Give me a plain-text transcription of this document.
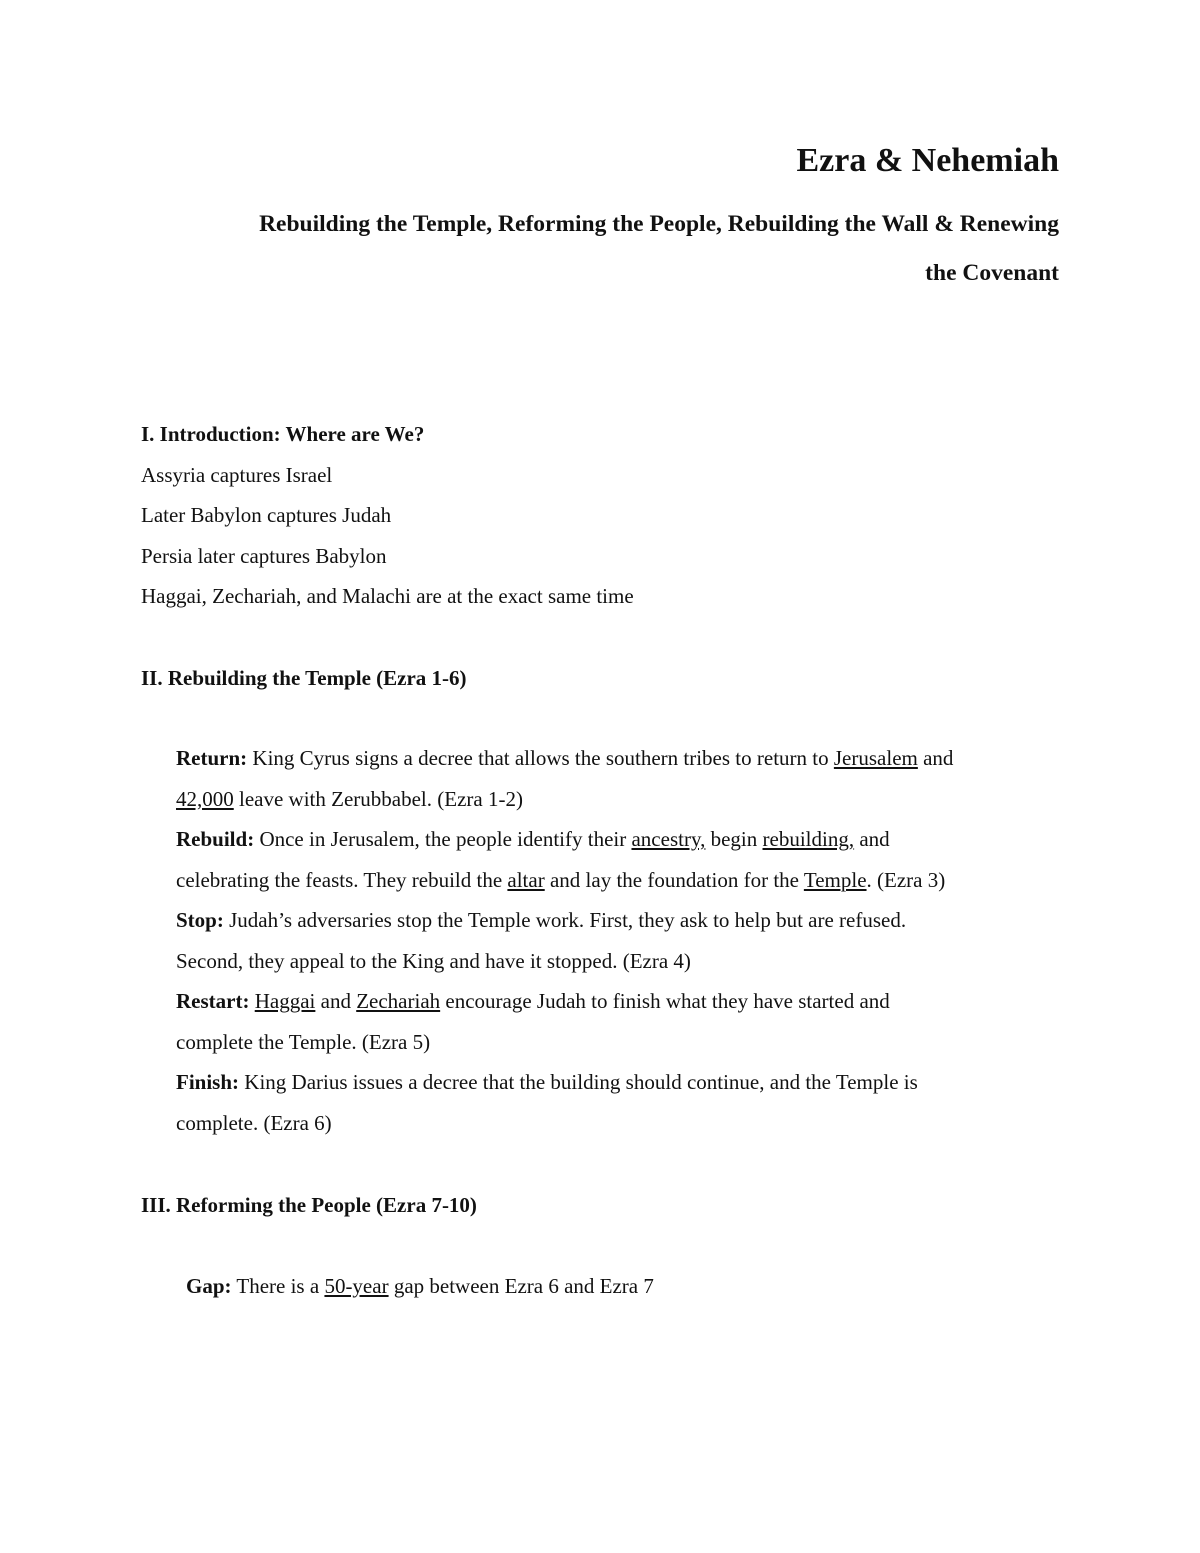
Ezra & Nehemiah
Rebuilding the Temple, Reforming the People, Rebuilding the Wall & Renewing
the Covenant

I. Introduction: Where are We?

Assyria captures Israel

Later Babylon captures Judah

Persia later captures Babylon

Haggai, Zechariah, and Malachi are at the exact same time

II. Rebuilding the Temple (Ezra 1-6)

Return: King Cyrus signs a decree that allows the southern tribes to return to Jerusalem and
42,000 leave with Zerubbabel. (Ezra 1-2)

Rebuild: Once in Jerusalem, the people identify their ancestry, begin rebuilding, and
celebrating the feasts. They rebuild the altar and lay the foundation for the Temple. (Ezra 3)

Stop: Judah’s adversaries stop the Temple work. First, they ask to help but are refused.
Second, they appeal to the King and have it stopped. (Ezra 4)

Restart: Haggai and Zechariah encourage Judah to finish what they have started and
complete the Temple. (Ezra 5)

Finish: King Darius issues a decree that the building should continue, and the Temple is
complete. (Ezra 6)

III. Reforming the People (Ezra 7-10)

Gap: There is a 50-year gap between Ezra 6 and Ezra 7
